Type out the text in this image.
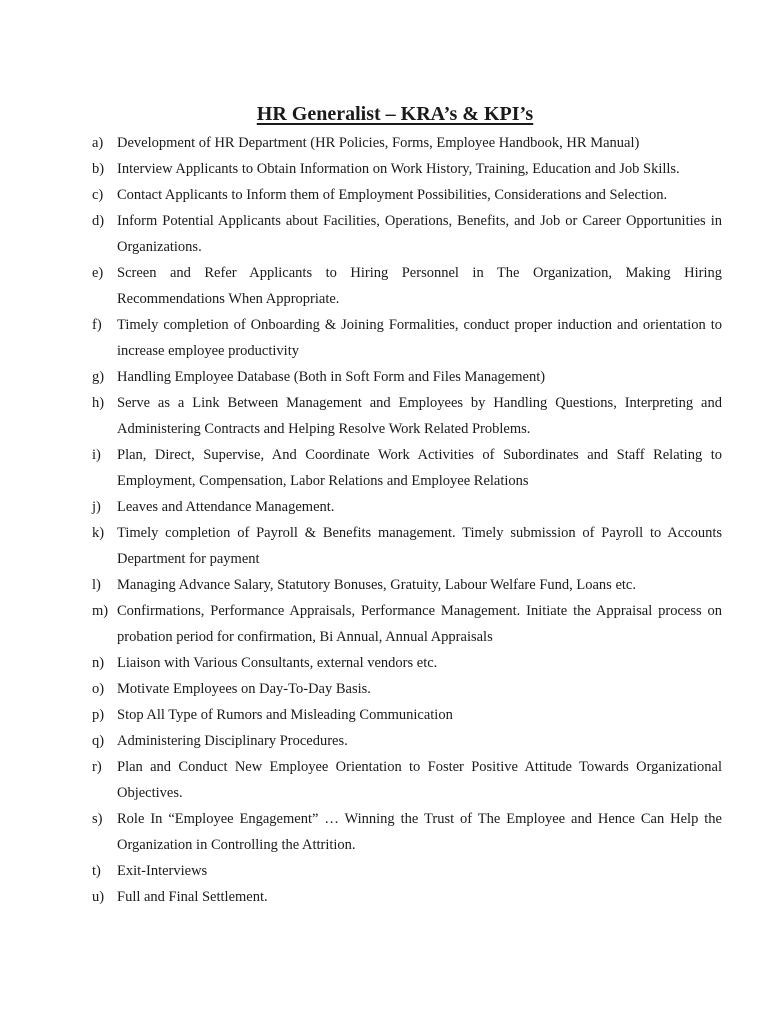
HR Generalist – KRA’s & KPI’s
a) Development of HR Department (HR Policies, Forms, Employee Handbook, HR Manual)
b) Interview Applicants to Obtain Information on Work History, Training, Education and Job Skills.
c) Contact Applicants to Inform them of Employment Possibilities, Considerations and Selection.
d) Inform Potential Applicants about Facilities, Operations, Benefits, and Job or Career Opportunities in Organizations.
e) Screen and Refer Applicants to Hiring Personnel in The Organization, Making Hiring Recommendations When Appropriate.
f)	Timely completion of Onboarding & Joining Formalities, conduct proper induction and orientation to increase employee productivity
g) Handling Employee Database (Both in Soft Form and Files Management)
h) Serve as a Link Between Management and Employees by Handling Questions, Interpreting and Administering Contracts and Helping Resolve Work Related Problems.
i)	Plan, Direct, Supervise, And Coordinate Work Activities of Subordinates and Staff Relating to Employment, Compensation, Labor Relations and Employee Relations
j)	Leaves and Attendance Management.
k) Timely completion of Payroll & Benefits management. Timely submission of Payroll to Accounts Department for payment
l)	Managing Advance Salary, Statutory Bonuses, Gratuity, Labour Welfare Fund, Loans etc.
m) Confirmations, Performance Appraisals, Performance Management. Initiate the Appraisal process on probation period for confirmation, Bi Annual, Annual Appraisals
n) Liaison with Various Consultants, external vendors etc.
o) Motivate Employees on Day-To-Day Basis.
p) Stop All Type of Rumors and Misleading Communication
q) Administering Disciplinary Procedures.
r)	Plan and Conduct New Employee Orientation to Foster Positive Attitude Towards Organizational Objectives.
s)	Role In “Employee Engagement” … Winning the Trust of The Employee and Hence Can Help the Organization in Controlling the Attrition.
t)	Exit-Interviews
u) Full and Final Settlement.
